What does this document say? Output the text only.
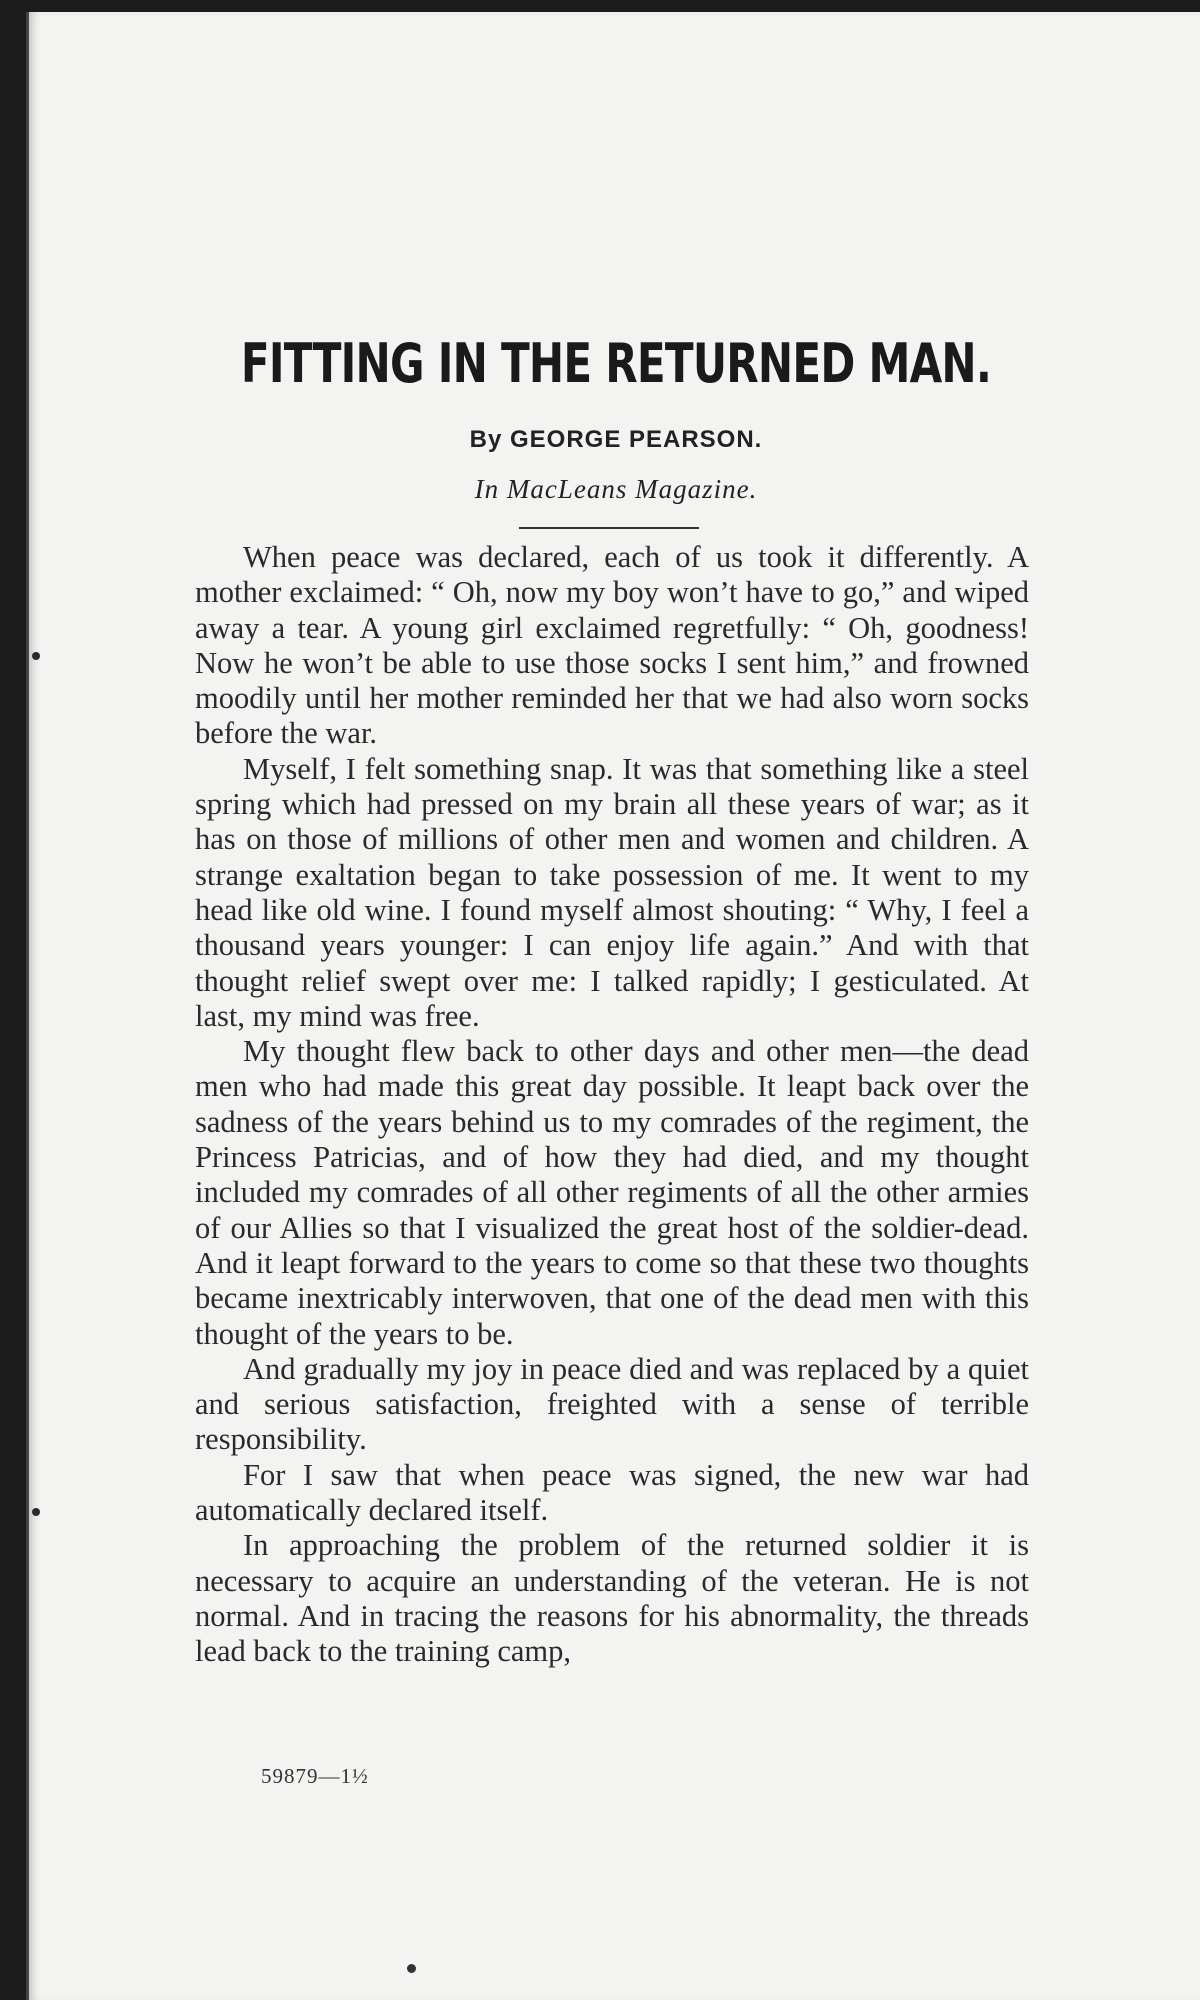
FITTING IN THE RETURNED MAN.
By GEORGE PEARSON.
In MacLeans Magazine.

When peace was declared, each of us took it differently. A mother exclaimed: “ Oh, now my boy won’t have to go,” and wiped away a tear. A young girl exclaimed regretfully: “ Oh, goodness! Now he won’t be able to use those socks I sent him,” and frowned moodily until her mother reminded her that we had also worn socks before the war.

Myself, I felt something snap. It was that something like a steel spring which had pressed on my brain all these years of war; as it has on those of millions of other men and women and children. A strange exaltation began to take possession of me. It went to my head like old wine. I found myself almost shouting: “ Why, I feel a thousand years younger: I can enjoy life again.” And with that thought relief swept over me: I talked rapidly; I gesticulated. At last, my mind was free.

My thought flew back to other days and other men—the dead men who had made this great day possible. It leapt back over the sadness of the years behind us to my comrades of the regiment, the Princess Patricias, and of how they had died, and my thought included my comrades of all other regiments of all the other armies of our Allies so that I visualized the great host of the soldier-dead. And it leapt forward to the years to come so that these two thoughts became inextricably interwoven, that one of the dead men with this thought of the years to be.

And gradually my joy in peace died and was replaced by a quiet and serious satisfaction, freighted with a sense of terrible responsibility.

For I saw that when peace was signed, the new war had automatically declared itself.

In approaching the problem of the returned soldier it is necessary to acquire an understanding of the veteran. He is not normal. And in tracing the reasons for his abnormality, the threads lead back to the training camp,

59879—1½
